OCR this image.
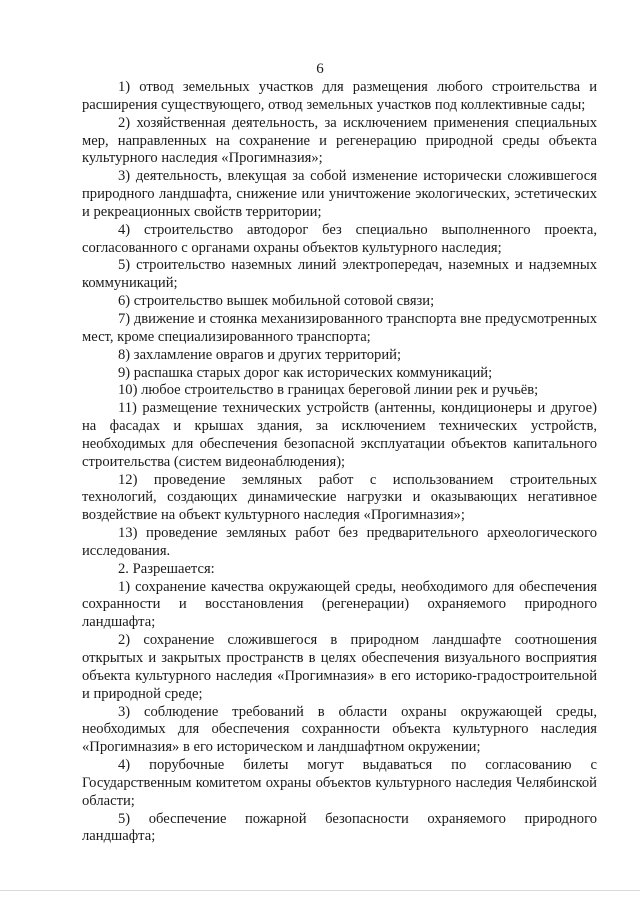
6

1) отвод земельных участков для размещения любого строительства и расширения существующего, отвод земельных участков под коллективные сады;

2) хозяйственная деятельность, за исключением применения специальных мер, направленных на сохранение и регенерацию природной среды объекта культурного наследия «Прогимназия»;

3) деятельность, влекущая за собой изменение исторически сложившегося природного ландшафта, снижение или уничтожение экологических, эстетических и рекреационных свойств территории;

4) строительство автодорог без специально выполненного проекта, согласованного с органами охраны объектов культурного наследия;

5) строительство наземных линий электропередач, наземных и надземных коммуникаций;

6) строительство вышек мобильной сотовой связи;

7) движение и стоянка механизированного транспорта вне предусмотренных мест, кроме специализированного транспорта;

8) захламление оврагов и других территорий;

9) распашка старых дорог как исторических коммуникаций;

10) любое строительство в границах береговой линии рек и ручьёв;

11) размещение технических устройств (антенны, кондиционеры и другое) на фасадах и крышах здания, за исключением технических устройств, необходимых для обеспечения безопасной эксплуатации объектов капитального строительства (систем видеонаблюдения);

12) проведение земляных работ с использованием строительных технологий, создающих динамические нагрузки и оказывающих негативное воздействие на объект культурного наследия «Прогимназия»;

13) проведение земляных работ без предварительного археологического исследования.

2. Разрешается:

1) сохранение качества окружающей среды, необходимого для обеспечения сохранности и восстановления (регенерации) охраняемого природного ландшафта;

2) сохранение сложившегося в природном ландшафте соотношения открытых и закрытых пространств в целях обеспечения визуального восприятия объекта культурного наследия «Прогимназия» в его историко-градостроительной и природной среде;

3) соблюдение требований в области охраны окружающей среды, необходимых для обеспечения сохранности объекта культурного наследия «Прогимназия» в его историческом и ландшафтном окружении;

4) порубочные билеты могут выдаваться по согласованию с Государственным комитетом охраны объектов культурного наследия Челябинской области;

5) обеспечение пожарной безопасности охраняемого природного ландшафта;
